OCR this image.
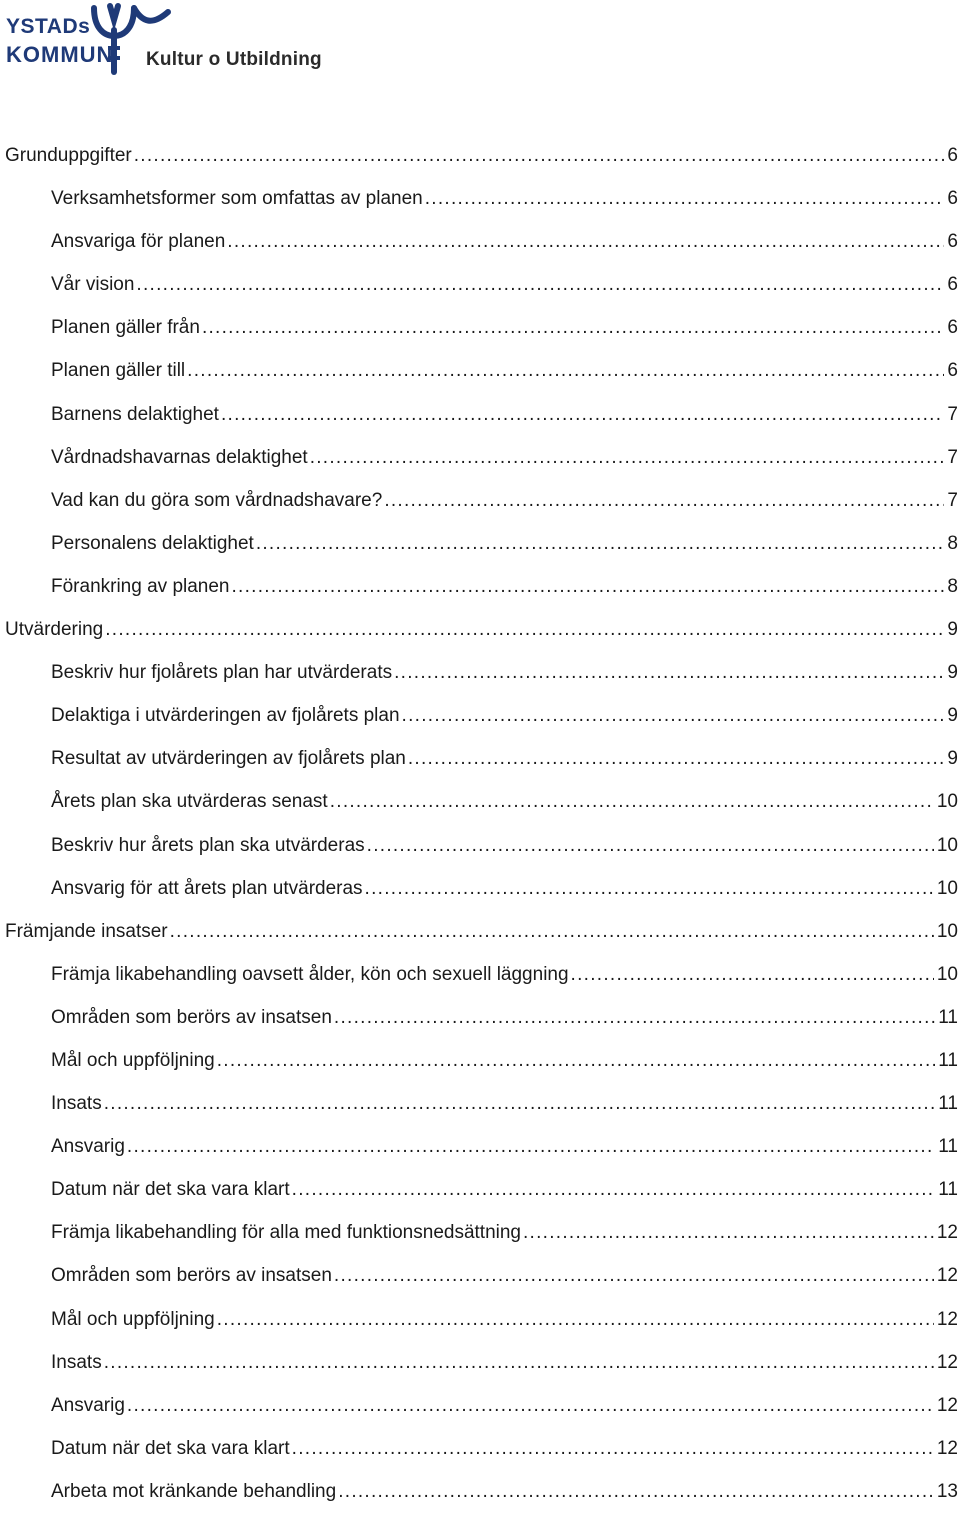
YSTADs
KOMMUN Kultur o Utbildning
Grunduppgifter . . .	6
Verksamhetsformer som omfattas av planen . . .	6
Ansvariga för planen . . .	6
Vår vision . . .	6
Planen gäller från . . .	6
Planen gäller till . . .	6
Barnens delaktighet . . .	7
Vårdnadshavarnas delaktighet . . .	7
Vad kan du göra som vårdnadshavare? . . .	7
Personalens delaktighet . . .	8
Förankring av planen . . .	8
Utvärdering . . .	9
Beskriv hur fjolårets plan har utvärderats . . .	9
Delaktiga i utvärderingen av fjolårets plan . . .	9
Resultat av utvärderingen av fjolårets plan . . .	9
Årets plan ska utvärderas senast . . .	10
Beskriv hur årets plan ska utvärderas . . .	10
Ansvarig för att årets plan utvärderas . . .	10
Främjande insatser . . .	10
Främja likabehandling oavsett ålder, kön och sexuell läggning . . .	10
Områden som berörs av insatsen . . .	11
Mål och uppföljning . . .	11
Insats . . .	11
Ansvarig . . .	11
Datum när det ska vara klart . . .	11
Främja likabehandling för alla med funktionsnedsättning . . .	12
Områden som berörs av insatsen . . .	12
Mål och uppföljning . . .	12
Insats . . .	12
Ansvarig . . .	12
Datum när det ska vara klart . . .	12
Arbeta mot kränkande behandling . . .	13
